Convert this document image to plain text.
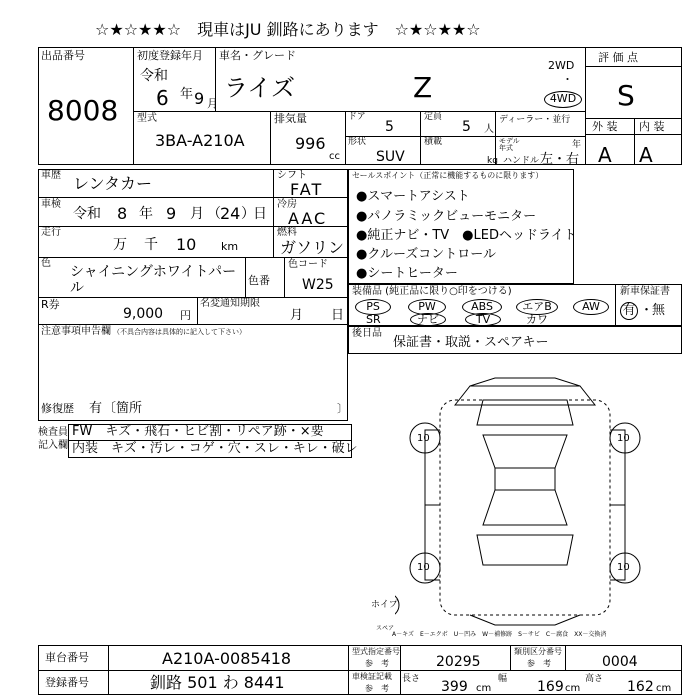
☆★☆★★☆　現車はJU 釧路にあります　☆★☆★★☆
出品番号
8008
初度登録年月
令和
6 年 9 月
車名・グレード
ライズ	Z
2WD
・
4WD
評 価 点
S
型式
3BA-A210A
排気量
996
cc
ドア
5
定員
5 人
ディーラー・並行
モデル
年式	年
形状
SUV
積載
kg ハンドル 左・右
外 装 内 装
A A
車歴 レンタカー
車検
令和 8 年 9 月 （ 24 ）
日
走行
万 千 10 km
色
シャイニングホワイトパール	色番
色コード
W25
シフト
FAT
冷房
AAC
燃料
ガソリン
R券
9,000 円
名変通知期限
月 日
注意事項申告欄 （不具合内容は具体的に記入して下さい）
修復歴 有 〔箇所	〕
セールスポイント（正常に機能するものに限ります）
●スマートアシスト
●パノラミックビューモニター
●純正ナビ・TV　●LEDヘッドライト
●クルーズコントロール
●シートヒーター
装備品 (純正品に限り○印をつける)
PS	PW	ABS	エアB	AW
SR	ナビ	TV	カワ
新車保証書
有 ・
無
後日品
保証書・取説・スペアキー
検査員
記入欄
FW　キズ・飛石・ヒビ割・リペア跡・×要
内装　キズ・汚レ・コゲ・穴・スレ・キレ・破レ
10	10
10	10
ホイプ
スペア
A－キズ　E－エクボ　U－凹み　W－補修跡　S－サビ　C－腐食　XX－交換済
車台番号	A210A-0085418
登録番号	釧路 501 わ 8441
型式指定番号
参　考	20295
類別区分番号
参　考	0004
車検証記載
参　考
長さ 399 cm
幅 169 cm
高さ 162 cm
